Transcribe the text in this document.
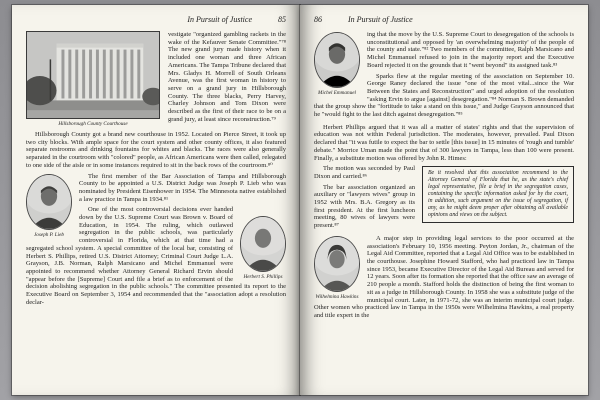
In Pursuit of Justice	85
Hillsborough County Courthouse

vestigate "organized gambling rackets in the wake of the Kefauver Senate Committee."⁷⁸ The new grand jury made history when it included one woman and three African Americans. The Tampa Tribune declared that Mrs. Gladys H. Morrell of South Orleans Avenue, was the first woman in history to serve on a grand jury in Hillsborough County. The three blacks, Perry Harvey, Charley Johnson and Tom Dixon were described as the first of their race to be on a grand jury, at least since reconstruction.⁷⁹

Hillsborough County got a brand new courthouse in 1952. Located on Pierce Street, it took up two city blocks. With ample space for the court system and other county offices, it also featured separate restrooms and drinking fountains for whites and blacks. The races were also generally separated in the courtroom with "colored" people, as African Americans were then called, relegated to one side of the aisle or in some instances required to sit in the back rows of the courtroom.⁸⁰

Joseph P. Lieb

The first member of the Bar Association of Tampa and Hillsborough County to be appointed a U.S. District Judge was Joseph P. Lieb who was nominated by President Eisenhower in 1954. The Minnesota native established a law practice in Tampa in 1934.⁸¹

Herbert S. Phillips

One of the most controversial decisions ever handed down by the U.S. Supreme Court was Brown v. Board of Education, in 1954. The ruling, which outlawed segregation in the public schools, was particularly controversial in Florida, which at that time had a segregated school system. A special committee of the local bar, consisting of Herbert S. Phillips, retired U.S. District Attorney; Criminal Court Judge L.A. Grayson, J.B. Norman, Ralph Marsicano and Michel Emmanuel were appointed to recommend whether Attorney General Richard Ervin should "appear before the [Supreme] Court and file a brief as to enforcement of the decision abolishing segregation in the public schools." The committee presented its report to the Executive Board on September 3, 1954 and recommended that the "association adopt a resolution declar-

86	In Pursuit of Justice
Michel Emmanuel

ing that the move by the U.S. Supreme Court to desegregation of the schools is unconstitutional and opposed by 'an overwhelming majority' of the people of the county and state."⁸² Two members of the committee, Ralph Marsicano and Michel Emmanuel refused to join in the majority report and the Executive Board rejected it on the grounds that it "went beyond" its assigned task.⁸³

Sparks flew at the regular meeting of the association on September 10. George Raney declared the issue "one of the most vital...since the War Between the States and Reconstruction" and urged adoption of the resolution "asking Ervin to argue [against] desegregation."⁸⁴ Norman S. Brown demanded that the group show the "fortitude to take a stand on this issue," and Judge Grayson announced that he "would fight to the last ditch against desegregation."⁸⁵

Herbert Phillips argued that it was all a matter of states' rights and that the supervision of education was not within Federal jurisdiction. The moderates, however, prevailed. Paul Dixon declared that "it was futile to expect the bar to settle [this issue] in 15 minutes of 'rough and tumble' debate." Morrice Uman made the point that of 300 lawyers in Tampa, less than 100 were present. Finally, a substitute motion was offered by John R. Himes:

Be it resolved that this association recommend to the Attorney General of Florida that he, as the state's chief legal representative, file a brief in the segregation cases, containing the specific information asked for by the court, in addition, such argument on the issue of segregation, if any, as he might deem proper after obtaining all available opinions and views on the subject.

The motion was seconded by Paul Dixon and carried.⁸⁶

The bar association organized an auxiliary or "lawyers wives" group in 1952 with Mrs. B.A. Gregory as its first president. At the first luncheon meeting, 80 wives of lawyers were present.⁸⁷

Wilhelmina Hawkins

A major step in providing legal services to the poor occurred at the association's February 10, 1956 meeting. Peyton Jordan, Jr., chairman of the Legal Aid Committee, reported that a Legal Aid Office was to be established in the courthouse. Josephine Howard Stafford, who had practiced law in Tampa since 1953, became Executive Director of the Legal Aid Bureau and served for 12 years. Soon after its formation she reported that the office saw an average of 210 people a month. Stafford holds the distinction of being the first woman to sit as a judge in Hillsborough County. In 1958 she was a substitute judge of the municipal court. Later, in 1971-72, she was an interim municipal court judge. Other women who practiced law in Tampa in the 1950s were Wilhelmina Hawkins, a real property and title expert in the
